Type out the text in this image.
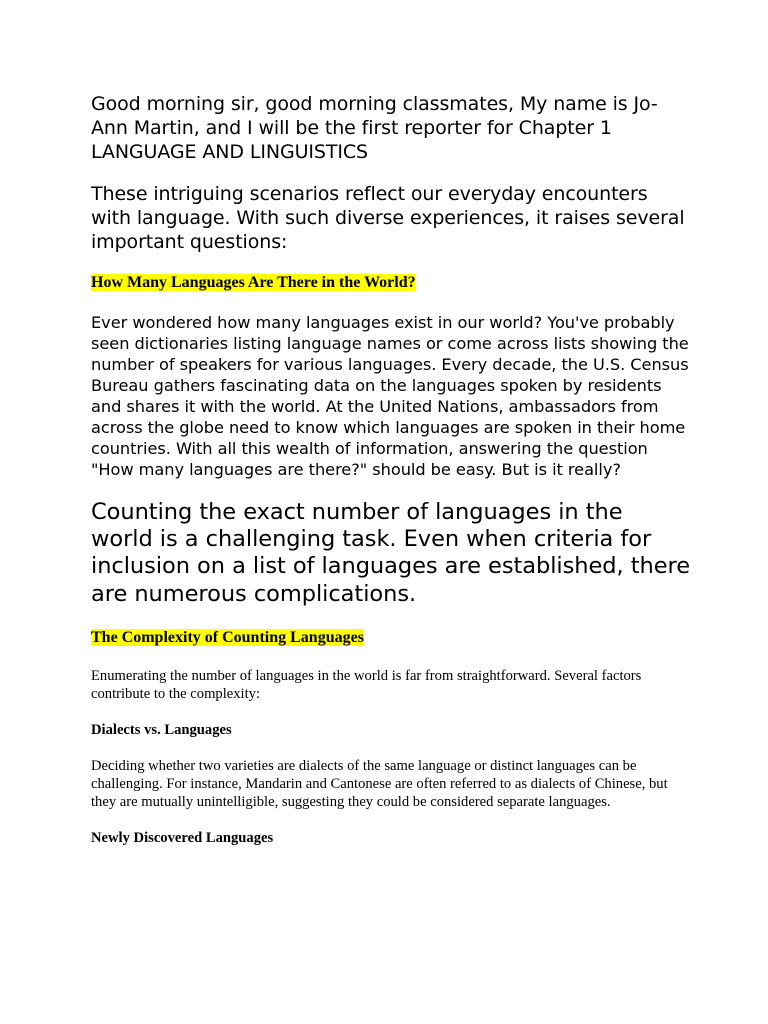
Good morning sir, good morning classmates, My name is Jo-Ann Martin, and I will be the first reporter for Chapter 1 LANGUAGE AND LINGUISTICS

These intriguing scenarios reflect our everyday encounters with language. With such diverse experiences, it raises several important questions:

How Many Languages Are There in the World?

Ever wondered how many languages exist in our world? You've probably seen dictionaries listing language names or come across lists showing the number of speakers for various languages. Every decade, the U.S. Census Bureau gathers fascinating data on the languages spoken by residents and shares it with the world. At the United Nations, ambassadors from across the globe need to know which languages are spoken in their home countries. With all this wealth of information, answering the question "How many languages are there?" should be easy. But is it really?

Counting the exact number of languages in the world is a challenging task. Even when criteria for inclusion on a list of languages are established, there are numerous complications.

The Complexity of Counting Languages

Enumerating the number of languages in the world is far from straightforward. Several factors contribute to the complexity:

Dialects vs. Languages

Deciding whether two varieties are dialects of the same language or distinct languages can be challenging. For instance, Mandarin and Cantonese are often referred to as dialects of Chinese, but they are mutually unintelligible, suggesting they could be considered separate languages.

Newly Discovered Languages
